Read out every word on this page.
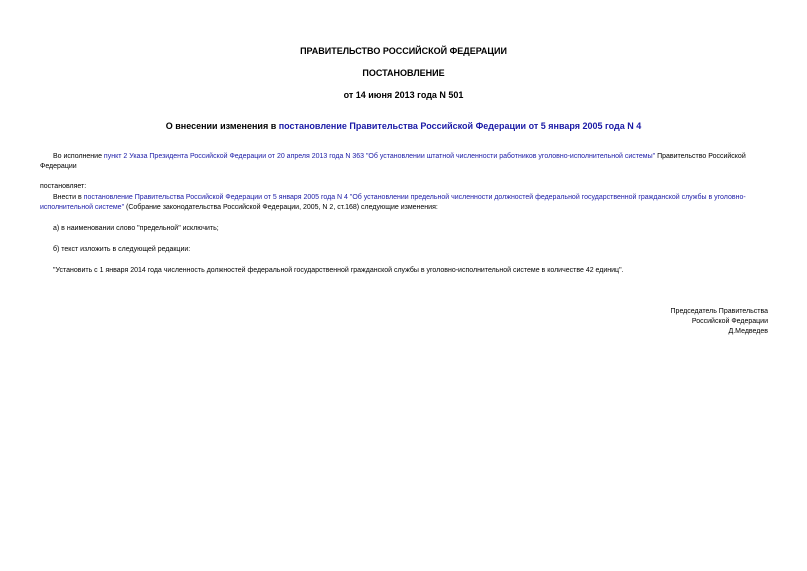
ПРАВИТЕЛЬСТВО РОССИЙСКОЙ ФЕДЕРАЦИИ
ПОСТАНОВЛЕНИЕ
от 14 июня 2013 года N 501
О внесении изменения в постановление Правительства Российской Федерации от 5 января 2005 года N 4
Во исполнение пункт 2 Указа Президента Российской Федерации от 20 апреля 2013 года N 363 "Об установлении штатной численности работников уголовно-исполнительной системы" Правительство Российской Федерации
постановляет:
Внести в постановление Правительства Российской Федерации от 5 января 2005 года N 4 "Об установлении предельной численности должностей федеральной государственной гражданской службы в уголовно-исполнительной системе" (Собрание законодательства Российской Федерации, 2005, N 2, ст.168) следующие изменения:
а) в наименовании слово "предельной" исключить;
б) текст изложить в следующей редакции:
"Установить с 1 января 2014 года численность должностей федеральной государственной гражданской службы в уголовно-исполнительной системе в количестве 42 единиц".
Председатель Правительства
Российской Федерации
Д.Медведев
